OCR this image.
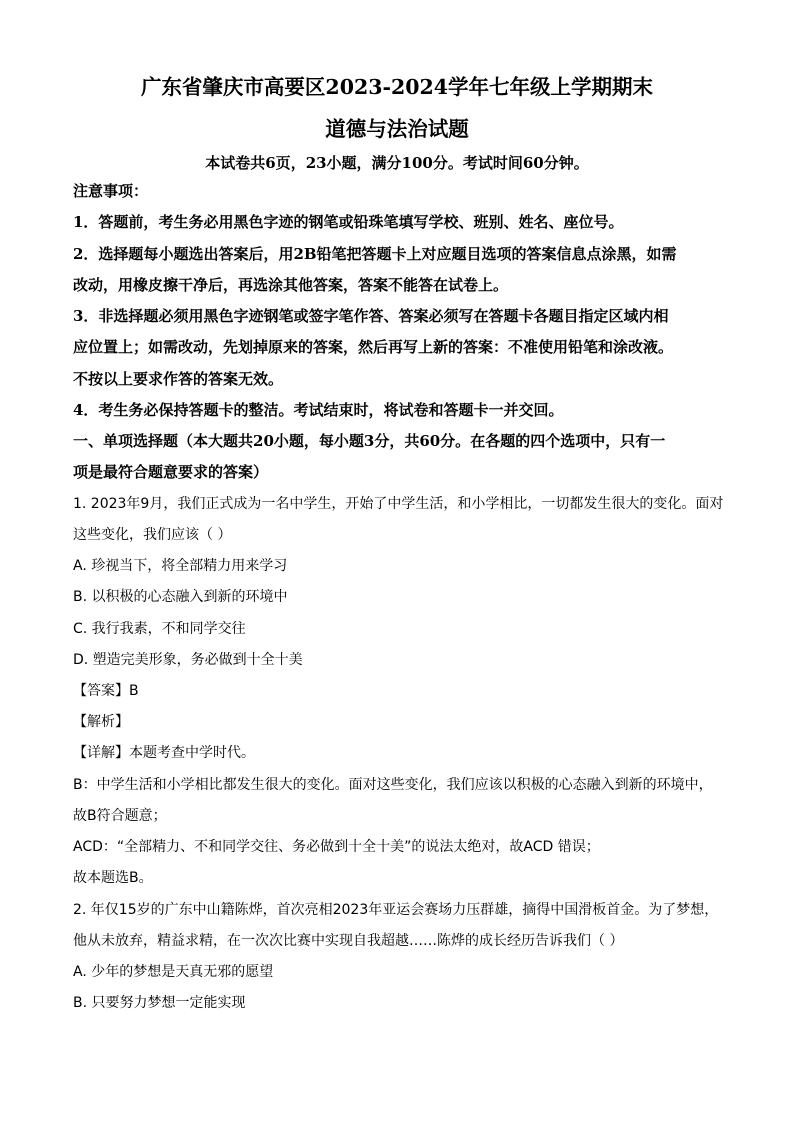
广东省肇庆市高要区2023-2024学年七年级上学期期末
道德与法治试题
本试卷共6页，23小题，满分100分。考试时间60分钟。
注意事项：
1．答题前，考生务必用黑色字迹的钢笔或铅珠笔填写学校、班别、姓名、座位号。
2．选择题每小题选出答案后，用2B铅笔把答题卡上对应题目选项的答案信息点涂黑，如需
改动，用橡皮擦干净后，再选涂其他答案，答案不能答在试卷上。
3．非选择题必须用黑色字迹钢笔或签字笔作答、答案必须写在答题卡各题目指定区域内相
应位置上；如需改动，先划掉原来的答案，然后再写上新的答案：不准使用铅笔和涂改液。
不按以上要求作答的答案无效。
4．考生务必保持答题卡的整洁。考试结束时，将试卷和答题卡一并交回。
一、单项选择题（本大题共20小题，每小题3分，共60分。在各题的四个选项中，只有一
项是最符合题意要求的答案）
1. 2023年9月，我们正式成为一名中学生，开始了中学生活，和小学相比，一切都发生很大的变化。面对
这些变化，我们应该（ ）
A. 珍视当下，将全部精力用来学习
B. 以积极的心态融入到新的环境中
C. 我行我素，不和同学交往
D. 塑造完美形象，务必做到十全十美
【答案】B
【解析】
【详解】本题考查中学时代。
B：中学生活和小学相比都发生很大的变化。面对这些变化，我们应该以积极的心态融入到新的环境中，
故B符合题意；
ACD：“全部精力、不和同学交往、务必做到十全十美”的说法太绝对，故ACD 错误；
故本题选B。
2. 年仅15岁的广东中山籍陈烨，首次亮相2023年亚运会赛场力压群雄，摘得中国滑板首金。为了梦想，
他从未放弃，精益求精，在一次次比赛中实现自我超越……陈烨的成长经历告诉我们（ ）
A. 少年的梦想是天真无邪的愿望
B. 只要努力梦想一定能实现
